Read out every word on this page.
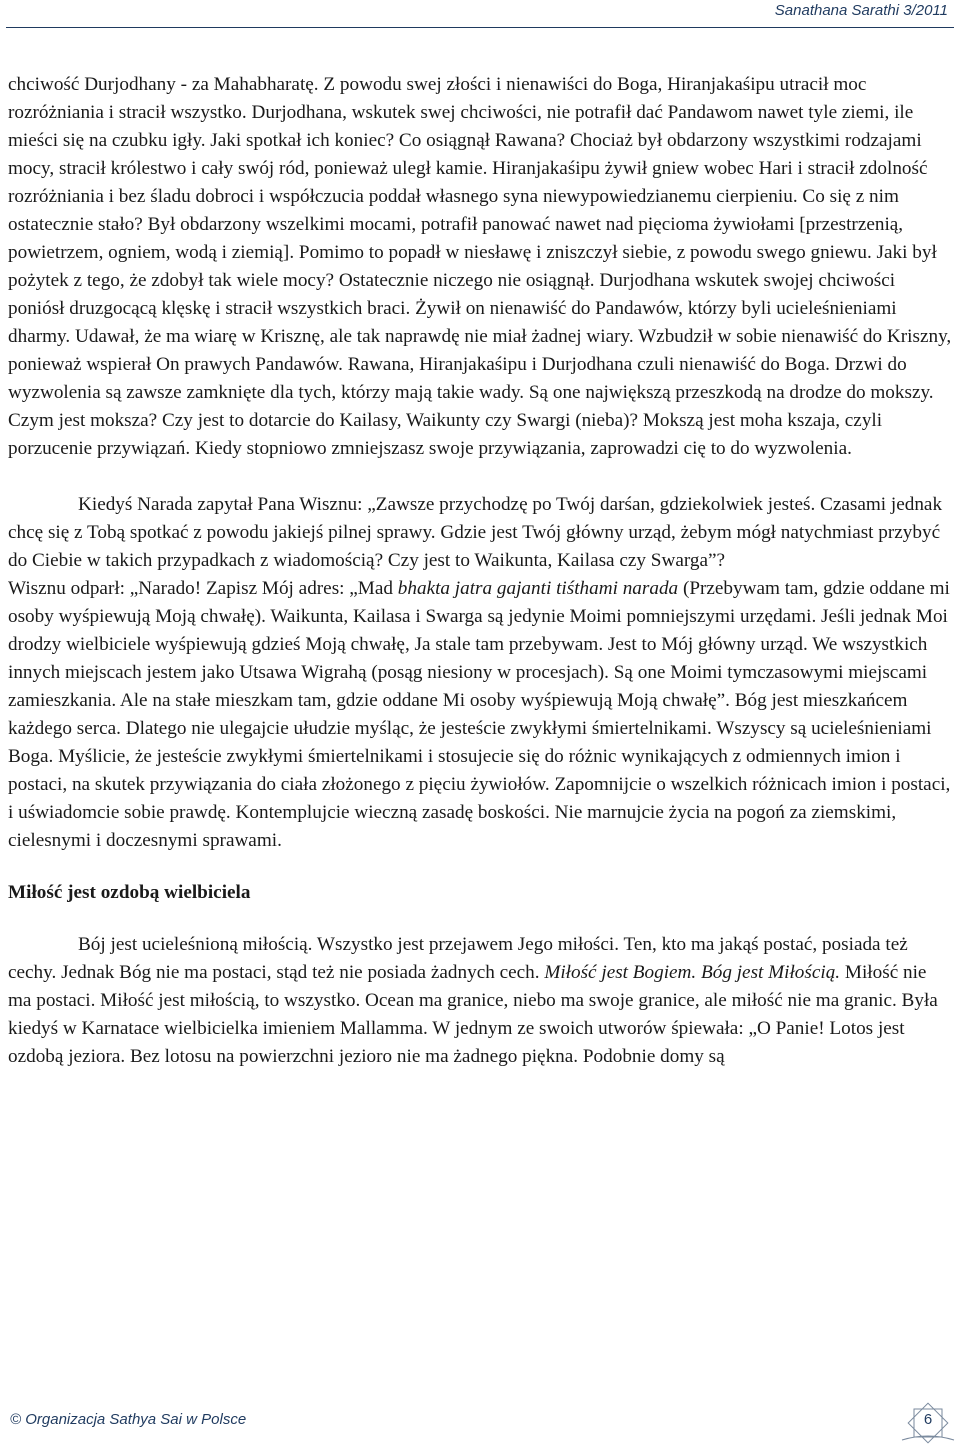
Sanathana Sarathi 3/2011

chciwość Durjodhany - za Mahabharatę. Z powodu swej złości i nienawiści do Boga, Hiranjakaśipu utracił moc rozróżniania i stracił wszystko. Durjodhana, wskutek swej chciwości, nie potrafił dać Pandawom nawet tyle ziemi, ile mieści się na czubku igły. Jaki spotkał ich koniec? Co osiągnął Rawana? Chociaż był obdarzony wszystkimi rodzajami mocy, stracił królestwo i cały swój ród, ponieważ uległ kamie. Hiranjakaśipu żywił gniew wobec Hari i stracił zdolność rozróżniania i bez śladu dobroci i współczucia poddał własnego syna niewypowiedzianemu cierpieniu. Co się z nim ostatecznie stało? Był obdarzony wszelkimi mocami, potrafił panować nawet nad pięcioma żywiołami [przestrzenią, powietrzem, ogniem, wodą i ziemią]. Pomimo to popadł w niesławę i zniszczył siebie, z powodu swego gniewu. Jaki był pożytek z tego, że zdobył tak wiele mocy? Ostatecznie niczego nie osiągnął. Durjodhana wskutek swojej chciwości poniósł druzgocącą klęskę i stracił wszystkich braci. Żywił on nienawiść do Pandawów, którzy byli ucieleśnieniami dharmy. Udawał, że ma wiarę w Krisznę, ale tak naprawdę nie miał żadnej wiary. Wzbudził w sobie nienawiść do Kriszny, ponieważ wspierał On prawych Pandawów. Rawana, Hiranjakaśipu i Durjodhana czuli nienawiść do Boga. Drzwi do wyzwolenia są zawsze zamknięte dla tych, którzy mają takie wady. Są one największą przeszkodą na drodze do mokszy. Czym jest moksza? Czy jest to dotarcie do Kailasy, Waikunty czy Swargi (nieba)? Mokszą jest moha kszaja, czyli porzucenie przywiązań. Kiedy stopniowo zmniejszasz swoje przywiązania, zaprowadzi cię to do wyzwolenia.

Kiedyś Narada zapytał Pana Wisznu: „Zawsze przychodzę po Twój darśan, gdziekolwiek jesteś. Czasami jednak chcę się z Tobą spotkać z powodu jakiejś pilnej sprawy. Gdzie jest Twój główny urząd, żebym mógł natychmiast przybyć do Ciebie w takich przypadkach z wiadomością? Czy jest to Waikunta, Kailasa czy Swarga”?

Wisznu odparł: „Narado! Zapisz Mój adres: „Mad bhakta jatra gajanti tiśthami narada (Przebywam tam, gdzie oddane mi osoby wyśpiewują Moją chwałę). Waikunta, Kailasa i Swarga są jedynie Moimi pomniejszymi urzędami. Jeśli jednak Moi drodzy wielbiciele wyśpiewują gdzieś Moją chwałę, Ja stale tam przebywam. Jest to Mój główny urząd. We wszystkich innych miejscach jestem jako Utsawa Wigrahą (posąg niesiony w procesjach). Są one Moimi tymczasowymi miejscami zamieszkania. Ale na stałe mieszkam tam, gdzie oddane Mi osoby wyśpiewują Moją chwałę”. Bóg jest mieszkańcem każdego serca. Dlatego nie ulegajcie ułudzie myśląc, że jesteście zwykłymi śmiertelnikami. Wszyscy są ucieleśnieniami Boga. Myślicie, że jesteście zwykłymi śmiertelnikami i stosujecie się do różnic wynikających z odmiennych imion i postaci, na skutek przywiązania do ciała złożonego z pięciu żywiołów. Zapomnijcie o wszelkich różnicach imion i postaci, i uświadomcie sobie prawdę. Kontemplujcie wieczną zasadę boskości. Nie marnujcie życia na pogoń za ziemskimi, cielesnymi i doczesnymi sprawami.

Miłość jest ozdobą wielbiciela

Bój jest ucieleśnioną miłością. Wszystko jest przejawem Jego miłości. Ten, kto ma jakąś postać, posiada też cechy. Jednak Bóg nie ma postaci, stąd też nie posiada żadnych cech. Miłość jest Bogiem. Bóg jest Miłością. Miłość nie ma postaci. Miłość jest miłością, to wszystko. Ocean ma granice, niebo ma swoje granice, ale miłość nie ma granic. Była kiedyś w Karnatace wielbicielka imieniem Mallamma. W jednym ze swoich utworów śpiewała: „O Panie! Lotos jest ozdobą jeziora. Bez lotosu na powierzchni jezioro nie ma żadnego piękna. Podobnie domy są

© Organizacja Sathya Sai w Polsce	6
